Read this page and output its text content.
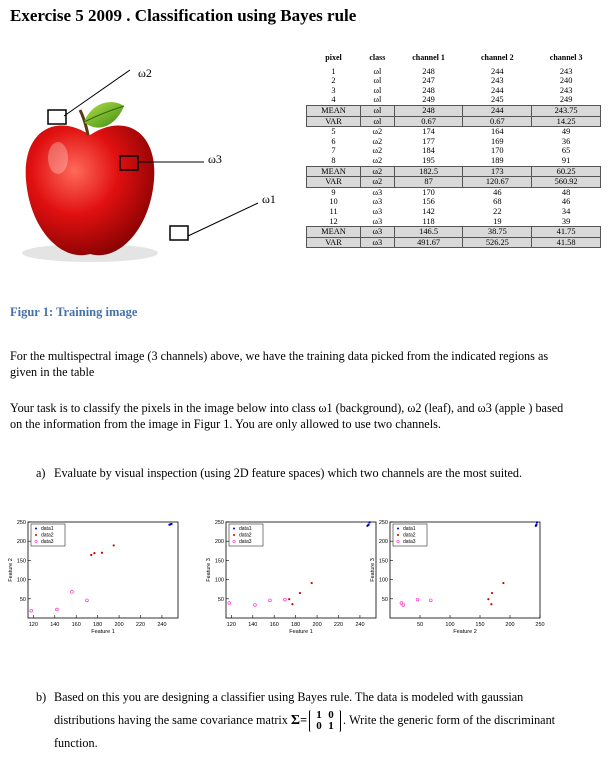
Exercise 5 2009 . Classification using Bayes rule
ω2
ω3
ω1
pixel	class	channel 1	channel 2	channel 3
1	ωl	248	244	243
2	ωl	247	243	240
3	ωl	248	244	243
4	ωl	249	245	249
MEAN	ωl	248	244	243.75
VAR	ωl	0.67	0.67	14.25
5	ω2	174	164	49
6	ω2	177	169	36
7	ω2	184	170	65
8	ω2	195	189	91
MEAN	ω2	182.5	173	60.25
VAR	ω2	87	120.67	560.92
9	ω3	170	46	48
10	ω3	156	68	46
11	ω3	142	22	34
12	ω3	118	19	39
MEAN	ω3	146.5	38.75	41.75
VAR	ω3	491.67	526.25	41.58
Figur 1: Training image
For the multispectral image (3 channels) above, we have the training data picked from the indicated regions as given in the table
Your task is to classify the pixels in the image below into class ω1 (background), ω2 (leaf), and ω3 (apple ) based on the information from the image in Figur 1. You are only allowed to use two channels.
a) Evaluate by visual inspection (using 2D feature spaces) which two channels are the most suited.
120 140 160 180 200 220 240
50
100
150
200
250
Feature 1
Feature 2
data1
data2
data3
120 140 160 180 200 220 240
50
100
150
200
250
Feature 1
Feature 3
data1
data2
data3
50	100	150	200	250
50
100
150
200
250
Feature 2
Feature 3
data1
data2
data3
b) Based on this you are designing a classifier using Bayes rule. The data is modeled with gaussian distributions having the same covariance matrix Σ= 1 0
0 1 . Write the generic form of the discriminant function.
